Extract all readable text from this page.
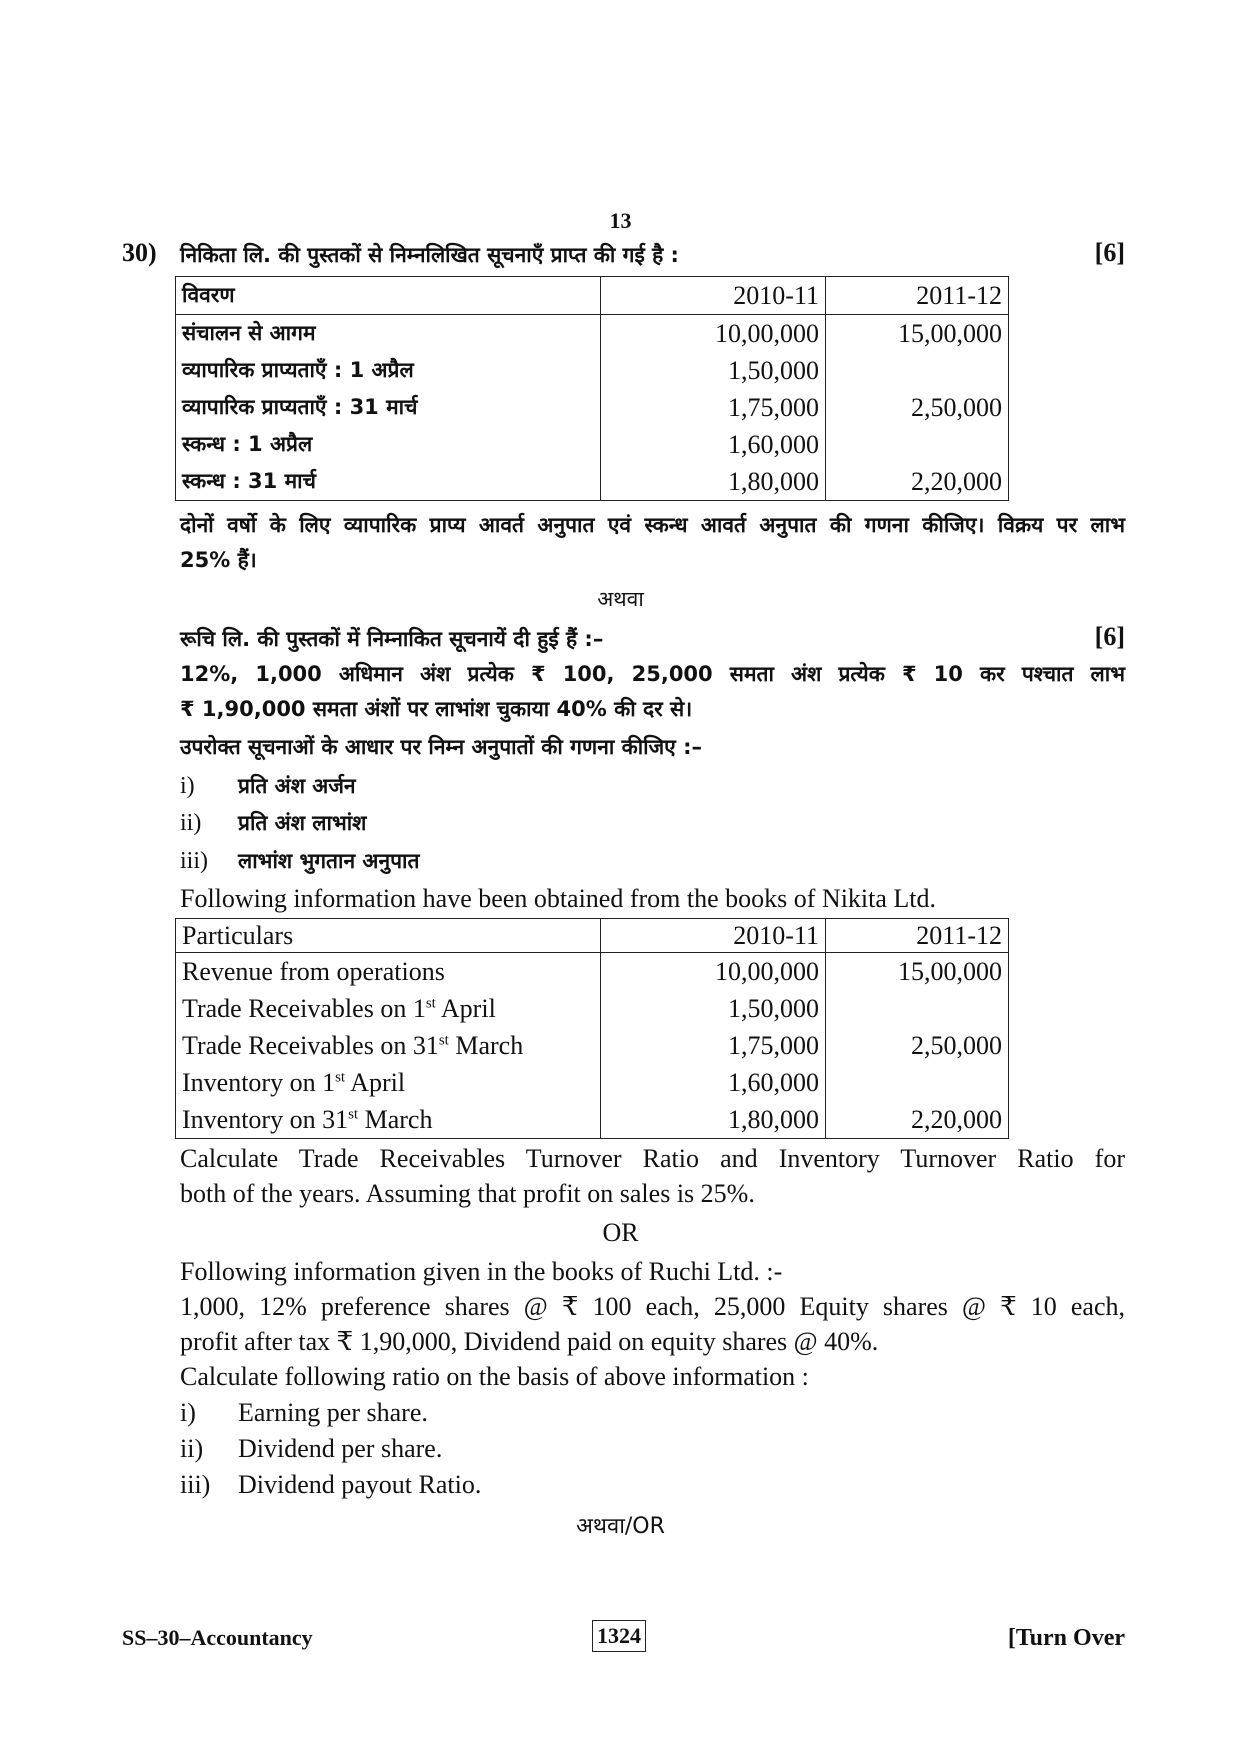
13
30) निकिता लि. की पुस्तकों से निम्नलिखित सूचनाएँ प्राप्त की गई है :	[6]
विवरण	2010-11	2011-12
संचालन से आगम	10,00,000	15,00,000
व्यापारिक प्राप्यताएँ : 1 अप्रैल	1,50,000	
व्यापारिक प्राप्यताएँ : 31 मार्च	1,75,000	2,50,000
स्कन्ध : 1 अप्रैल	1,60,000	
स्कन्ध : 31 मार्च	1,80,000	2,20,000
दोनों वर्षो के लिए व्यापारिक प्राप्य आवर्त अनुपात एवं स्कन्ध आवर्त अनुपात की गणना कीजिए। विक्रय पर लाभ
25% हैं।
अथवा
रूचि लि. की पुस्तकों में निम्नाकित सूचनायें दी हुई हैं :–	[6]
12%, 1,000 अधिमान अंश प्रत्येक ₹ 100, 25,000 समता अंश प्रत्येक ₹ 10 कर पश्चात लाभ
₹ 1,90,000 समता अंशों पर लाभांश चुकाया 40% की दर से।
उपरोक्त सूचनाओं के आधार पर निम्न अनुपातों की गणना कीजिए :–
i) प्रति अंश अर्जन
ii) प्रति अंश लाभांश
iii) लाभांश भुगतान अनुपात
Following information have been obtained from the books of Nikita Ltd.
Particulars	2010-11	2011-12
Revenue from operations	10,00,000	15,00,000
Trade Receivables on 1st April	1,50,000	
Trade Receivables on 31st March	1,75,000	2,50,000
Inventory on 1st April	1,60,000	
Inventory on 31st March	1,80,000	2,20,000
Calculate Trade Receivables Turnover Ratio and Inventory Turnover Ratio for
both of the years. Assuming that profit on sales is 25%.
OR
Following information given in the books of Ruchi Ltd. :-
1,000, 12% preference shares @ ₹ 100 each, 25,000 Equity shares @ ₹ 10 each,
profit after tax ₹ 1,90,000, Dividend paid on equity shares @ 40%.
Calculate following ratio on the basis of above information :
i) Earning per share.
ii) Dividend per share.
iii) Dividend payout Ratio.
अथवा/OR
SS–30–Accountancy	1324	[Turn Over
